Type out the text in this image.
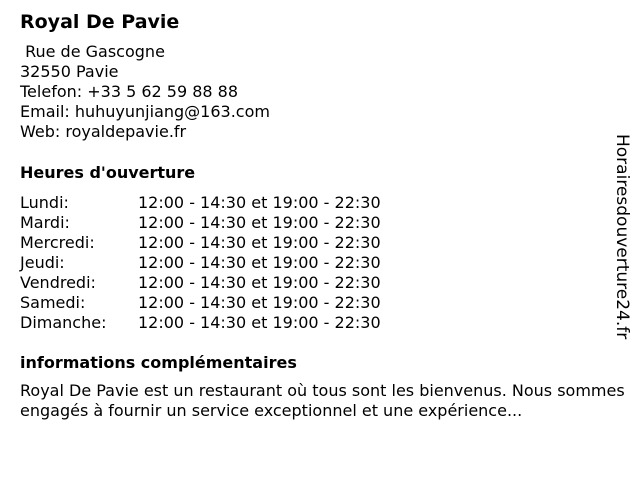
Royal De Pavie
Rue de Gascogne
32550 Pavie
Telefon: +33 5 62 59 88 88
Email: huhuyunjiang@163.com
Web: royaldepavie.fr
Heures d'ouverture
Lundi:	12:00 - 14:30 et 19:00 - 22:30
Mardi:	12:00 - 14:30 et 19:00 - 22:30
Mercredi:	12:00 - 14:30 et 19:00 - 22:30
Jeudi:	12:00 - 14:30 et 19:00 - 22:30
Vendredi:	12:00 - 14:30 et 19:00 - 22:30
Samedi:	12:00 - 14:30 et 19:00 - 22:30
Dimanche:	12:00 - 14:30 et 19:00 - 22:30
informations complémentaires
Royal De Pavie est un restaurant où tous sont les bienvenus. Nous sommes engagés à fournir un service exceptionnel et une expérience...
Horairesdouverture24.fr
